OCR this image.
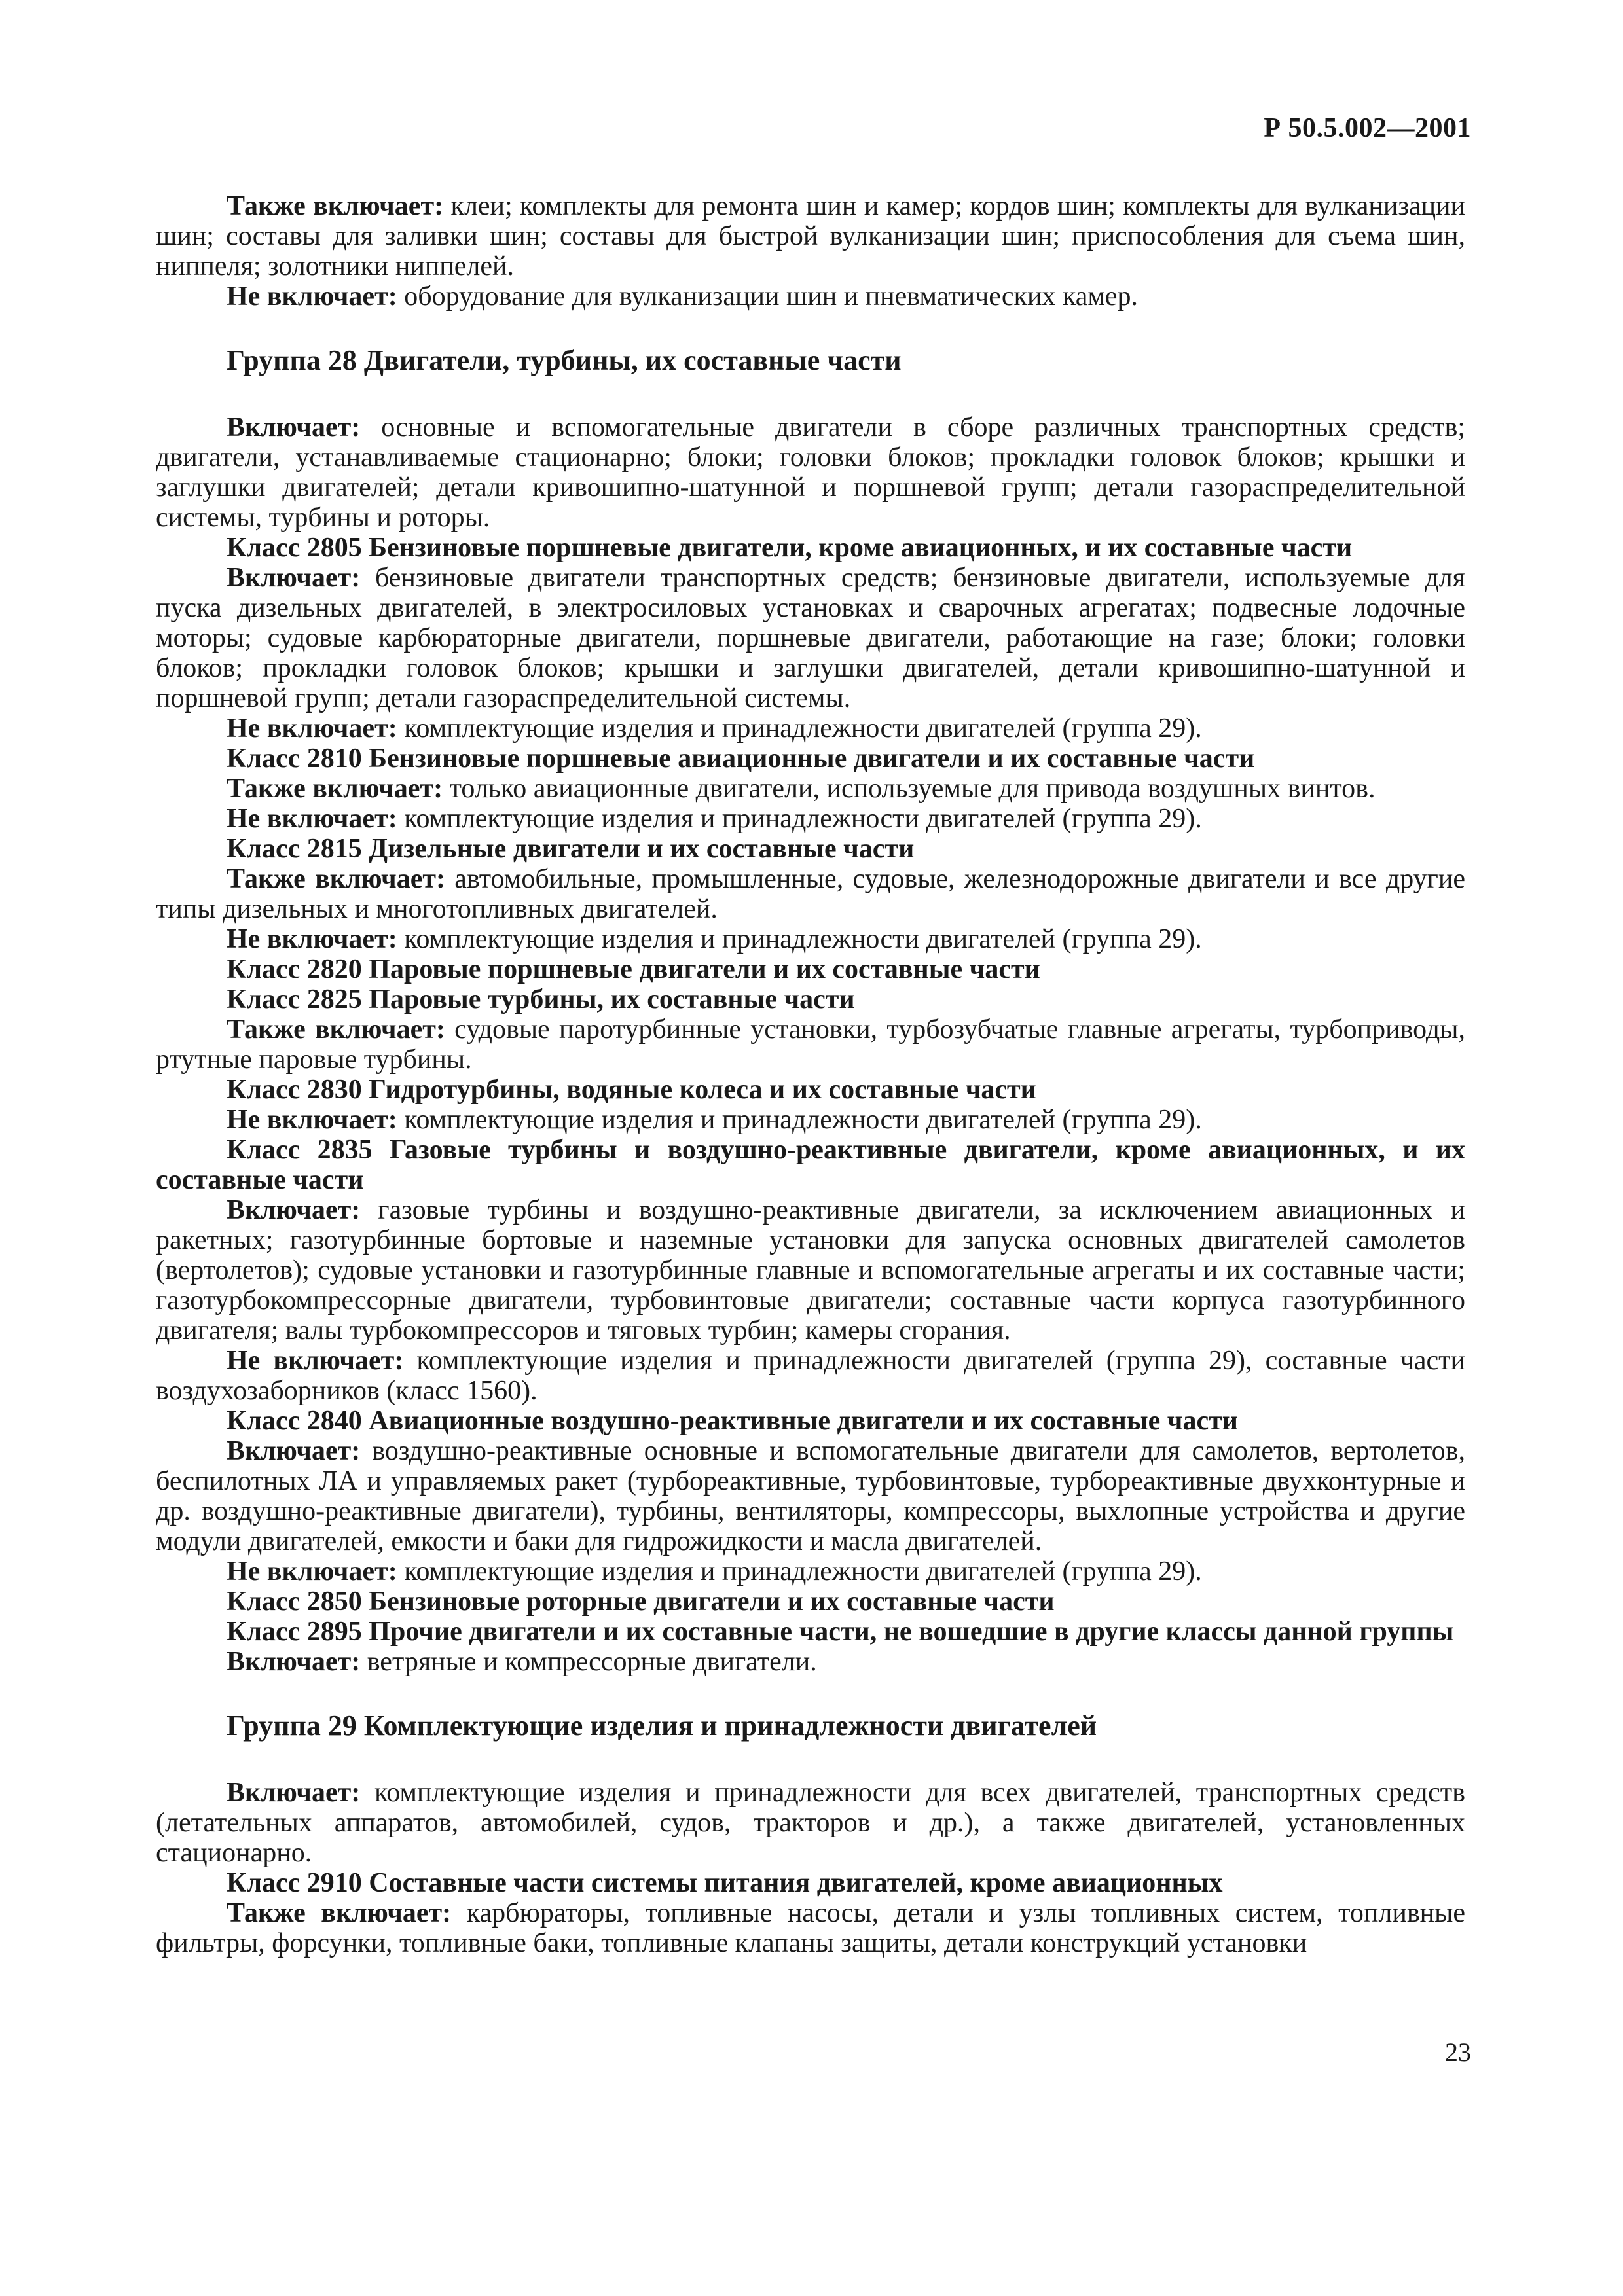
Р 50.5.002—2001

Также включает: клеи; комплекты для ремонта шин и камер; кордов шин; комплекты для вулканизации шин; составы для заливки шин; составы для быстрой вулканизации шин; приспособления для съема шин, ниппеля; золотники ниппелей.

Не включает: оборудование для вулканизации шин и пневматических камер.

Группа 28 Двигатели, турбины, их составные части

Включает: основные и вспомогательные двигатели в сборе различных транспортных средств; двигатели, устанавливаемые стационарно; блоки; головки блоков; прокладки головок блоков; крышки и заглушки двигателей; детали кривошипно-шатунной и поршневой групп; детали газораспределительной системы, турбины и роторы.

Класс 2805 Бензиновые поршневые двигатели, кроме авиационных, и их составные части

Включает: бензиновые двигатели транспортных средств; бензиновые двигатели, используемые для пуска дизельных двигателей, в электросиловых установках и сварочных агрегатах; подвесные лодочные моторы; судовые карбюраторные двигатели, поршневые двигатели, работающие на газе; блоки; головки блоков; прокладки головок блоков; крышки и заглушки двигателей, детали кривошипно-шатунной и поршневой групп; детали газораспределительной системы.

Не включает: комплектующие изделия и принадлежности двигателей (группа 29).

Класс 2810 Бензиновые поршневые авиационные двигатели и их составные части

Также включает: только авиационные двигатели, используемые для привода воздушных винтов.

Не включает: комплектующие изделия и принадлежности двигателей (группа 29).

Класс 2815 Дизельные двигатели и их составные части

Также включает: автомобильные, промышленные, судовые, железнодорожные двигатели и все другие типы дизельных и многотопливных двигателей.

Не включает: комплектующие изделия и принадлежности двигателей (группа 29).

Класс 2820 Паровые поршневые двигатели и их составные части

Класс 2825 Паровые турбины, их составные части

Также включает: судовые паротурбинные установки, турбозубчатые главные агрегаты, турбоприводы, ртутные паровые турбины.

Класс 2830 Гидротурбины, водяные колеса и их составные части

Не включает: комплектующие изделия и принадлежности двигателей (группа 29).

Класс 2835 Газовые турбины и воздушно-реактивные двигатели, кроме авиационных, и их составные части

Включает: газовые турбины и воздушно-реактивные двигатели, за исключением авиационных и ракетных; газотурбинные бортовые и наземные установки для запуска основных двигателей самолетов (вертолетов); судовые установки и газотурбинные главные и вспомогательные агрегаты и их составные части; газотурбокомпрессорные двигатели, турбовинтовые двигатели; составные части корпуса газотурбинного двигателя; валы турбокомпрессоров и тяговых турбин; камеры сгорания.

Не включает: комплектующие изделия и принадлежности двигателей (группа 29), составные части воздухозаборников (класс 1560).

Класс 2840 Авиационные воздушно-реактивные двигатели и их составные части

Включает: воздушно-реактивные основные и вспомогательные двигатели для самолетов, вертолетов, беспилотных ЛА и управляемых ракет (турбореактивные, турбовинтовые, турбореактивные двухконтурные и др. воздушно-реактивные двигатели), турбины, вентиляторы, компрессоры, выхлопные устройства и другие модули двигателей, емкости и баки для гидрожидкости и масла двигателей.

Не включает: комплектующие изделия и принадлежности двигателей (группа 29).

Класс 2850 Бензиновые роторные двигатели и их составные части

Класс 2895 Прочие двигатели и их составные части, не вошедшие в другие классы данной группы

Включает: ветряные и компрессорные двигатели.

Группа 29 Комплектующие изделия и принадлежности двигателей

Включает: комплектующие изделия и принадлежности для всех двигателей, транспортных средств (летательных аппаратов, автомобилей, судов, тракторов и др.), а также двигателей, установленных стационарно.

Класс 2910 Составные части системы питания двигателей, кроме авиационных

Также включает: карбюраторы, топливные насосы, детали и узлы топливных систем, топливные фильтры, форсунки, топливные баки, топливные клапаны защиты, детали конструкций установки

23
